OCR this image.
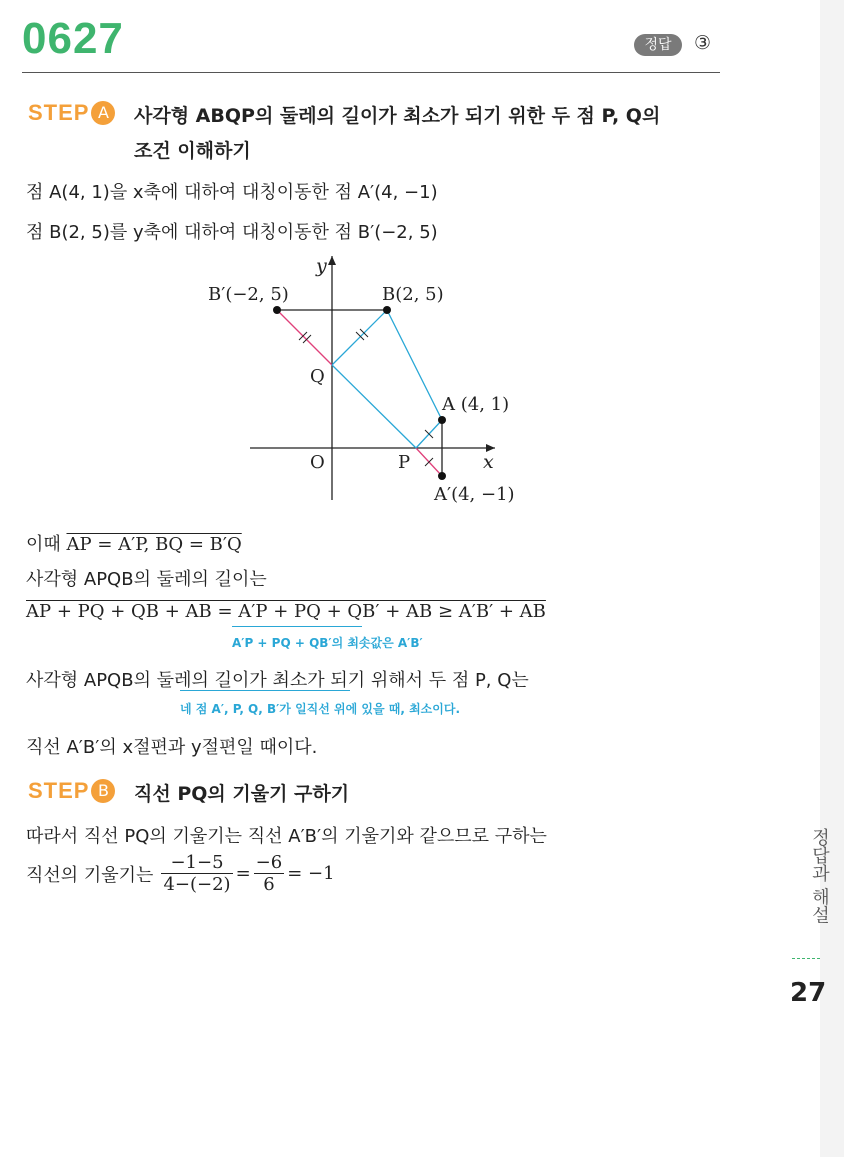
0627	정답	③
STEP A	사각형 ABQP의 둘레의 길이가 최소가 되기 위한 두 점 P, Q의
조건 이해하기
점 A(4, 1)을 x축에 대하여 대칭이동한 점 A′(4, −1)
점 B(2, 5)를 y축에 대하여 대칭이동한 점 B′(−2, 5)
y
x
O
B′(−2, 5)	B(2, 5)
Q
A (4, 1)
P
A′(4, −1)
이때 AP = A′P, BQ = B′Q
사각형 APQB의 둘레의 길이는
AP + PQ + QB + AB = A′P + PQ + QB′ + AB ≥ A′B′ + AB
A′P + PQ + QB′의 최솟값은 A′B′
사각형 APQB의 둘레의 길이가 최소가 되기 위해서 두 점 P, Q는
네 점 A′, P, Q, B′가 일직선 위에 있을 때, 최소이다.
직선 A′B′의 x절편과 y절편일 때이다.
STEP B	직선 PQ의 기울기 구하기
따라서 직선 PQ의 기울기는 직선 A′B′의 기울기와 같으므로 구하는
직선의 기울기는 $\frac{-1-5}{4-(-2)} = \frac{-6}{6} = -1$	정답과 해설
27
